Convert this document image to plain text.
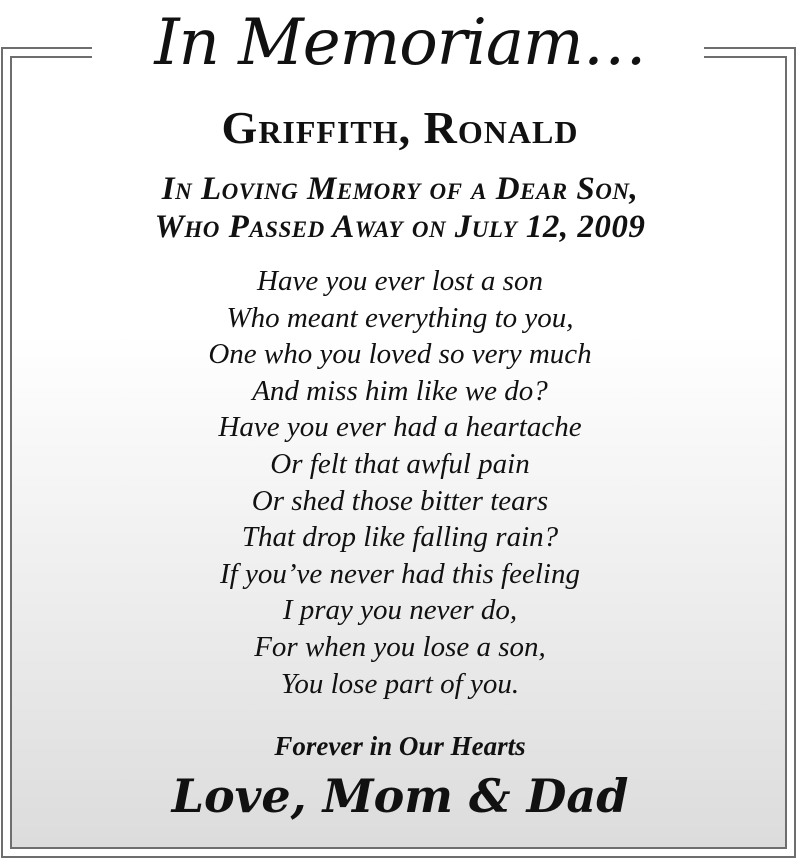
In Memoriam…
Griffith, Ronald
In Loving Memory of a Dear Son,
Who Passed Away on July 12, 2009
Have you ever lost a son
Who meant everything to you,
One who you loved so very much
And miss him like we do?
Have you ever had a heartache
Or felt that awful pain
Or shed those bitter tears
That drop like falling rain?
If you’ve never had this feeling
I pray you never do,
For when you lose a son,
You lose part of you.
Forever in Our Hearts
Love, Mom & Dad
